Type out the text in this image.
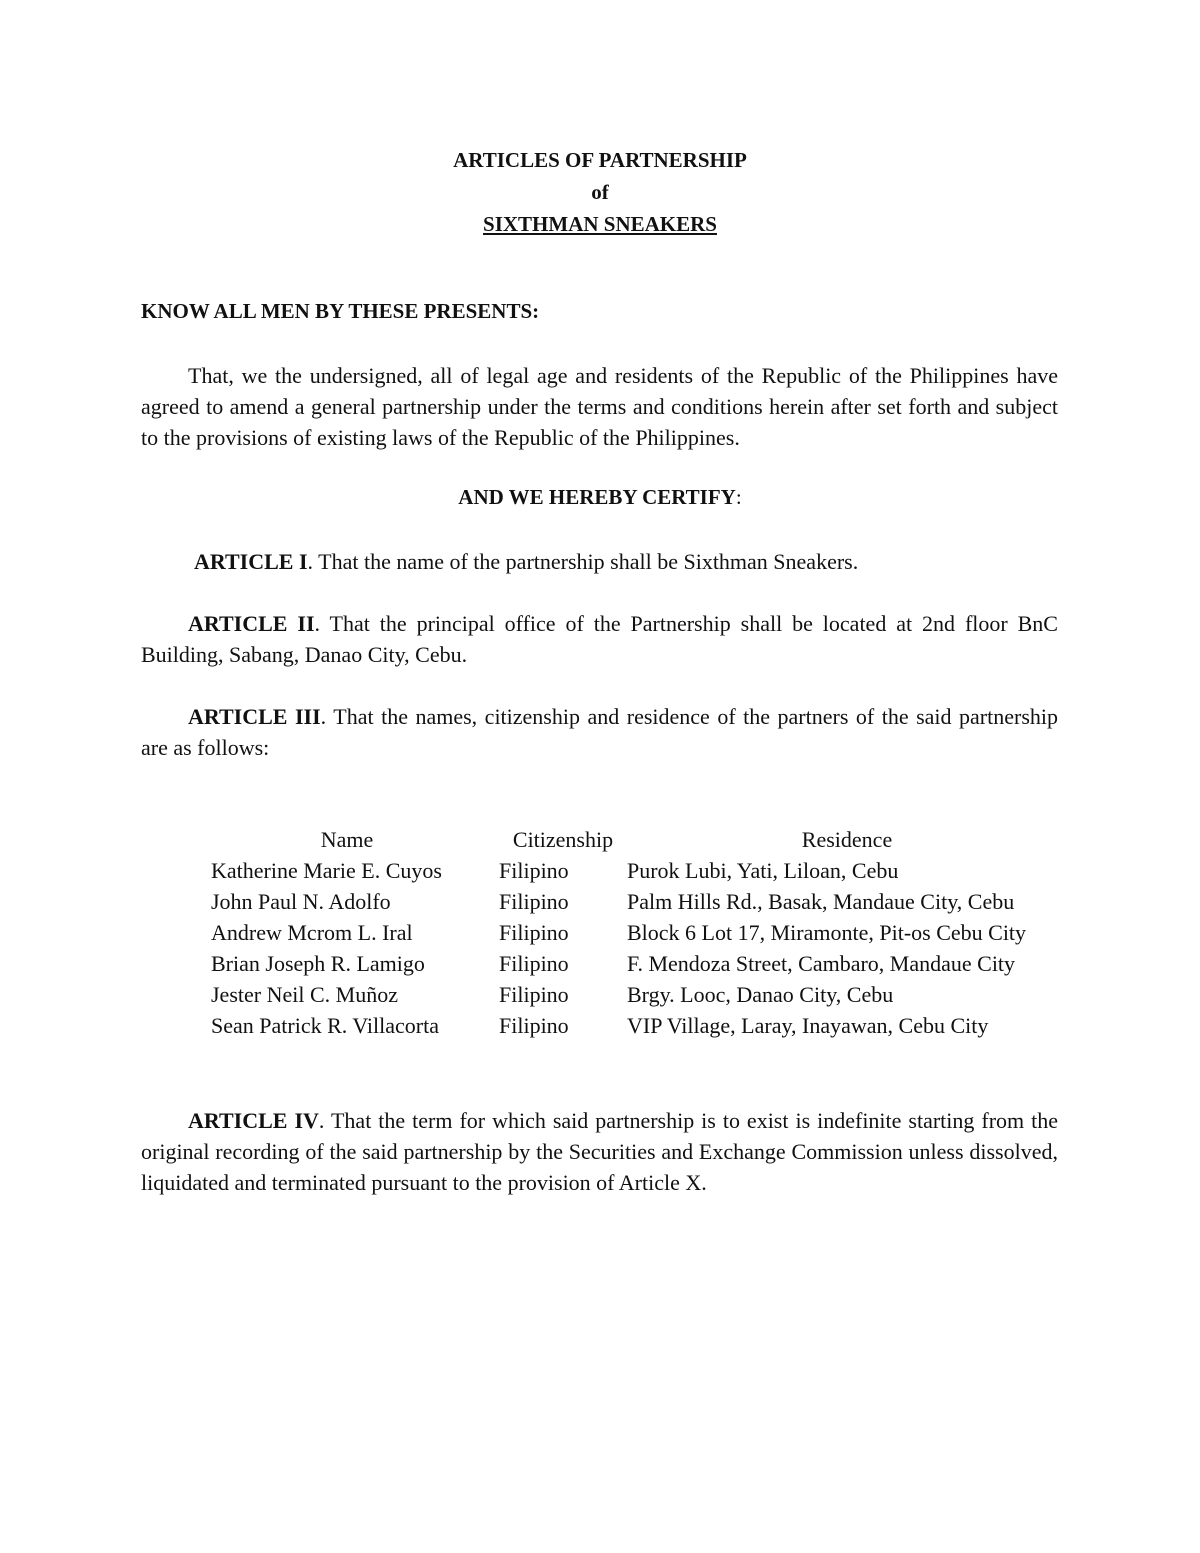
ARTICLES OF PARTNERSHIP
of
SIXTHMAN SNEAKERS
KNOW ALL MEN BY THESE PRESENTS:
That, we the undersigned, all of legal age and residents of the Republic of the Philippines have agreed to amend a general partnership under the terms and conditions herein after set forth and subject to the provisions of existing laws of the Republic of the Philippines.
AND WE HEREBY CERTIFY:
ARTICLE I. That the name of the partnership shall be Sixthman Sneakers.
ARTICLE II. That the principal office of the Partnership shall be located at 2nd floor BnC Building, Sabang, Danao City, Cebu.
ARTICLE III. That the names, citizenship and residence of the partners of the said partnership are as follows:
Name	Citizenship	Residence
Katherine Marie E. Cuyos	Filipino	Purok Lubi, Yati, Liloan, Cebu
John Paul N. Adolfo	Filipino	Palm Hills Rd., Basak, Mandaue City, Cebu
Andrew Mcrom L. Iral	Filipino	Block 6 Lot 17, Miramonte, Pit-os Cebu City
Brian Joseph R. Lamigo	Filipino	F. Mendoza Street, Cambaro, Mandaue City
Jester Neil C. Muñoz	Filipino	Brgy. Looc, Danao City, Cebu
Sean Patrick R. Villacorta	Filipino	VIP Village, Laray, Inayawan, Cebu City
ARTICLE IV. That the term for which said partnership is to exist is indefinite starting from the original recording of the said partnership by the Securities and Exchange Commission unless dissolved, liquidated and terminated pursuant to the provision of Article X.
